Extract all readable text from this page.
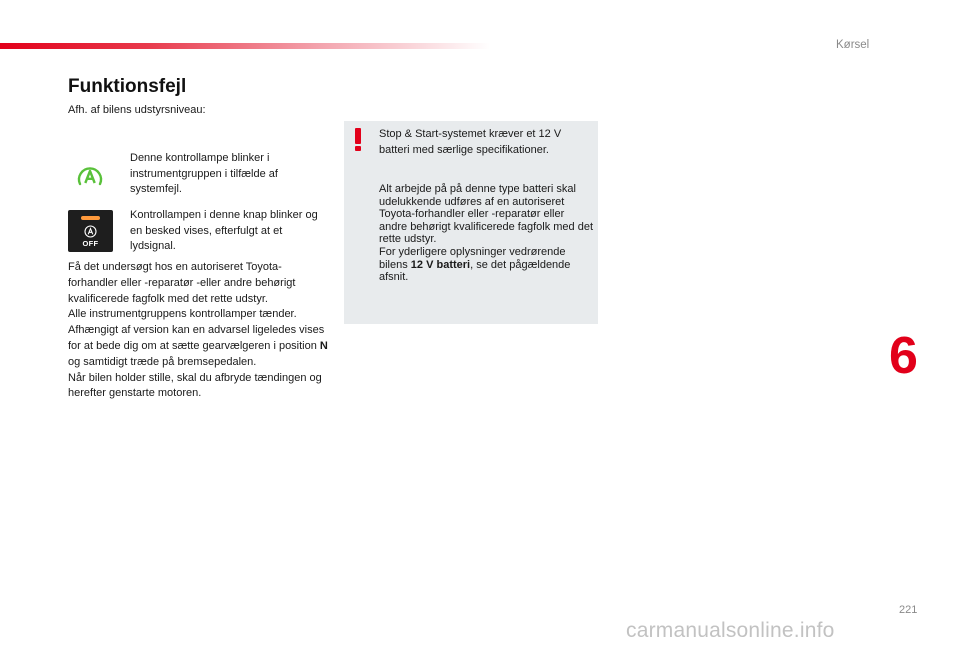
Kørsel
Funktionsfejl
Afh. af bilens udstyrsniveau:
Denne kontrollampe blinker i instrumentgruppen i tilfælde af systemfejl.
OFF
Kontrollampen i denne knap blinker og en besked vises, efterfulgt at et lydsignal.

Få det undersøgt hos en autoriseret Toyota-forhandler eller -reparatør -eller andre behørigt kvalificerede fagfolk med det rette udstyr.

Alle instrumentgruppens kontrollamper tænder.

Afhængigt af version kan en advarsel ligeledes vises for at bede dig om at sætte gearvælgeren i position N og samtidigt træde på bremsepedalen.

Når bilen holder stille, skal du afbryde tændingen og herefter genstarte motoren.

Stop & Start-systemet kræver et 12 V batteri med særlige specifikationer.

Alt arbejde på på denne type batteri skal udelukkende udføres af en autoriseret Toyota-forhandler eller -reparatør eller andre behørigt kvalificerede fagfolk med det rette udstyr.

For yderligere oplysninger vedrørende bilens 12 V batteri, se det pågældende afsnit.

6
221
carmanualsonline.info
